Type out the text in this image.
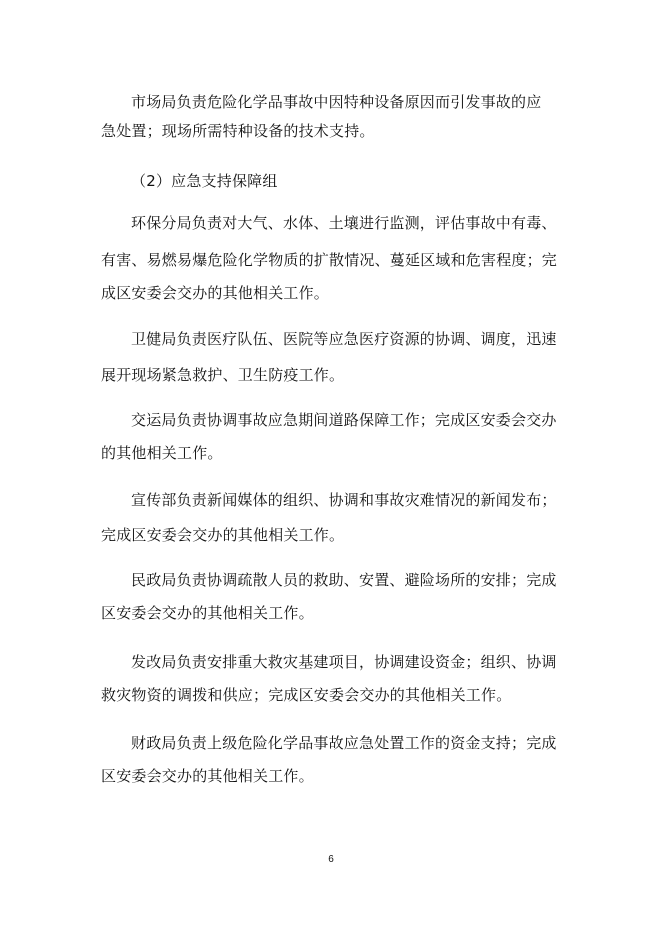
市场局负责危险化学品事故中因特种设备原因而引发事故的应
急处置；现场所需特种设备的技术支持。
（2）应急支持保障组
环保分局负责对大气、水体、土壤进行监测，评估事故中有毒、
有害、易燃易爆危险化学物质的扩散情况、蔓延区域和危害程度；完
成区安委会交办的其他相关工作。
卫健局负责医疗队伍、医院等应急医疗资源的协调、调度，迅速
展开现场紧急救护、卫生防疫工作。
交运局负责协调事故应急期间道路保障工作；完成区安委会交办
的其他相关工作。
宣传部负责新闻媒体的组织、协调和事故灾难情况的新闻发布；
完成区安委会交办的其他相关工作。
民政局负责协调疏散人员的救助、安置、避险场所的安排；完成
区安委会交办的其他相关工作。
发改局负责安排重大救灾基建项目，协调建设资金；组织、协调
救灾物资的调拨和供应；完成区安委会交办的其他相关工作。
财政局负责上级危险化学品事故应急处置工作的资金支持；完成
区安委会交办的其他相关工作。
6
